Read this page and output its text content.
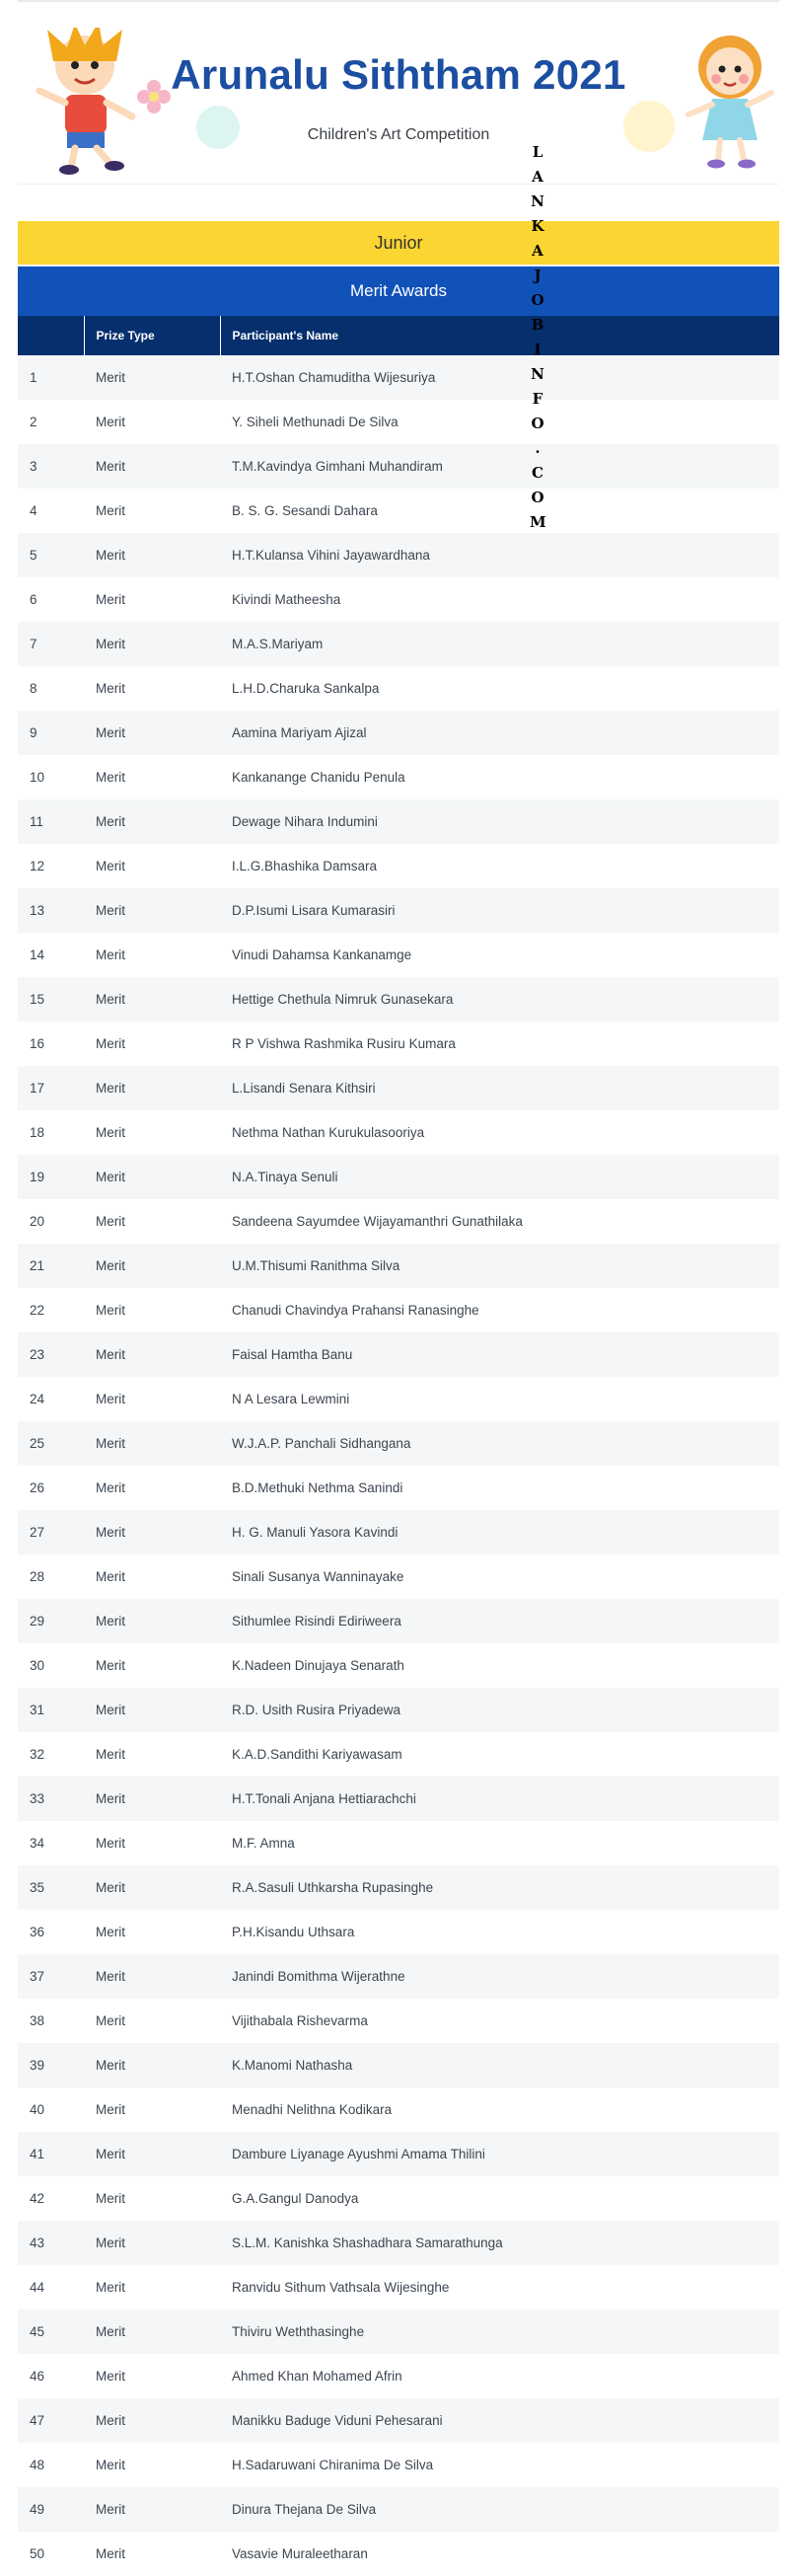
Arunalu Siththam 2021
Children's Art Competition
L
A
N
K
A
J
O
B
I
N
F
O
.
C
O
M
Junior
Merit Awards
	Prize Type	Participant's Name
1	Merit	H.T.Oshan Chamuditha Wijesuriya
2	Merit	Y. Siheli Methunadi De Silva
3	Merit	T.M.Kavindya Gimhani Muhandiram
4	Merit	B. S. G. Sesandi Dahara
5	Merit	H.T.Kulansa Vihini Jayawardhana
6	Merit	Kivindi Matheesha
7	Merit	M.A.S.Mariyam
8	Merit	L.H.D.Charuka Sankalpa
9	Merit	Aamina Mariyam Ajizal
10	Merit	Kankanange Chanidu Penula
11	Merit	Dewage Nihara Indumini
12	Merit	I.L.G.Bhashika Damsara
13	Merit	D.P.Isumi Lisara Kumarasiri
14	Merit	Vinudi Dahamsa Kankanamge
15	Merit	Hettige Chethula Nimruk Gunasekara
16	Merit	R P Vishwa Rashmika Rusiru Kumara
17	Merit	L.Lisandi Senara Kithsiri
18	Merit	Nethma Nathan Kurukulasooriya
19	Merit	N.A.Tinaya Senuli
20	Merit	Sandeena Sayumdee Wijayamanthri Gunathilaka
21	Merit	U.M.Thisumi Ranithma Silva
22	Merit	Chanudi Chavindya Prahansi Ranasinghe
23	Merit	Faisal Hamtha Banu
24	Merit	N A Lesara Lewmini
25	Merit	W.J.A.P. Panchali Sidhangana
26	Merit	B.D.Methuki Nethma Sanindi
27	Merit	H. G. Manuli Yasora Kavindi
28	Merit	Sinali Susanya Wanninayake
29	Merit	Sithumlee Risindi Ediriweera
30	Merit	K.Nadeen Dinujaya Senarath
31	Merit	R.D. Usith Rusira Priyadewa
32	Merit	K.A.D.Sandithi Kariyawasam
33	Merit	H.T.Tonali Anjana Hettiarachchi
34	Merit	M.F. Amna
35	Merit	R.A.Sasuli Uthkarsha Rupasinghe
36	Merit	P.H.Kisandu Uthsara
37	Merit	Janindi Bomithma Wijerathne
38	Merit	Vijithabala Rishevarma
39	Merit	K.Manomi Nathasha
40	Merit	Menadhi Nelithna Kodikara
41	Merit	Dambure Liyanage Ayushmi Amama Thilini
42	Merit	G.A.Gangul Danodya
43	Merit	S.L.M. Kanishka Shashadhara Samarathunga
44	Merit	Ranvidu Sithum Vathsala Wijesinghe
45	Merit	Thiviru Weththasinghe
46	Merit	Ahmed Khan Mohamed Afrin
47	Merit	Manikku Baduge Viduni Pehesarani
48	Merit	H.Sadaruwani Chiranima De Silva
49	Merit	Dinura Thejana De Silva
50	Merit	Vasavie Muraleetharan
